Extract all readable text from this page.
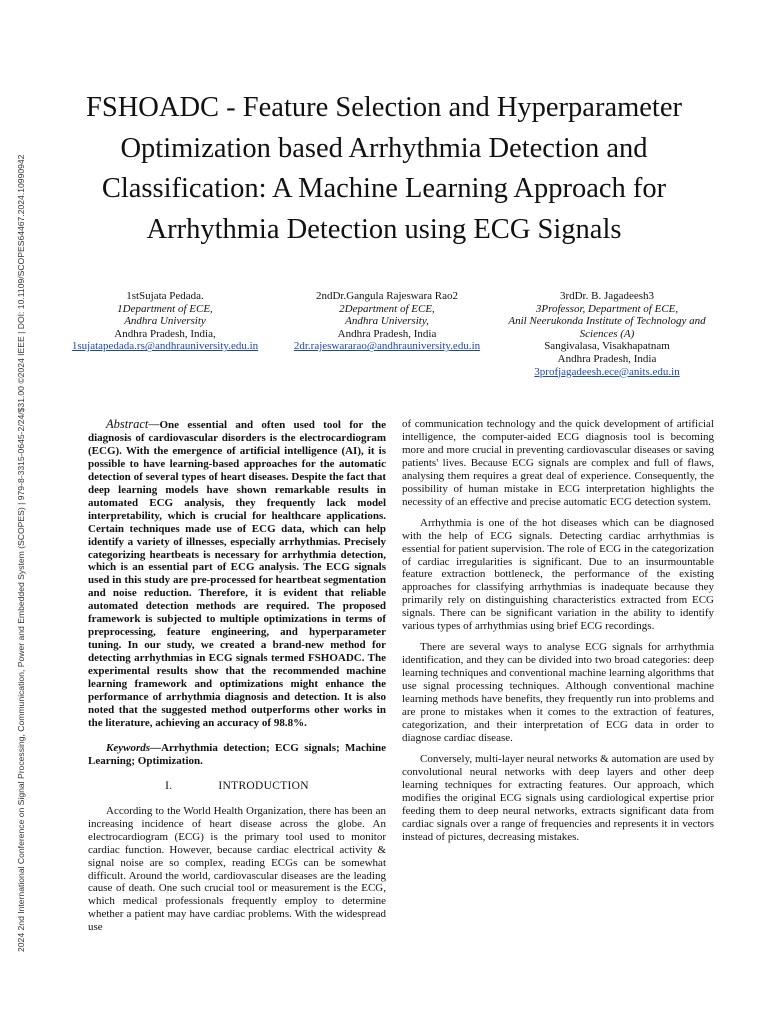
2024 2nd International Conference on Signal Processing, Communication, Power and Embedded System (SCOPES) | 979-8-3315-0645-2/24/$31.00 ©2024 IEEE | DOI: 10.1109/SCOPES64467.2024.10990942
FSHOADC - Feature Selection and Hyperparameter Optimization based Arrhythmia Detection and Classification: A Machine Learning Approach for Arrhythmia Detection using ECG Signals
1stSujata Pedada.
1Department of ECE,
Andhra University
Andhra Pradesh, India,
1sujatapedada.rs@andhrauniversity.edu.in
2ndDr.Gangula Rajeswara Rao2
2Department of ECE,
Andhra University,
Andhra Pradesh, India
2dr.rajeswararao@andhrauniversity.edu.in
3rdDr. B. Jagadeesh3
3Professor, Department of ECE,
Anil Neerukonda Institute of Technology and Sciences (A)
Sangivalasa, Visakhapatnam
Andhra Pradesh, India
3profjagadeesh.ece@anits.edu.in

Abstract—One essential and often used tool for the diagnosis of cardiovascular disorders is the electrocardiogram (ECG). With the emergence of artificial intelligence (AI), it is possible to have learning-based approaches for the automatic detection of several types of heart diseases. Despite the fact that deep learning models have shown remarkable results in automated ECG analysis, they frequently lack model interpretability, which is crucial for healthcare applications. Certain techniques made use of ECG data, which can help identify a variety of illnesses, especially arrhythmias. Precisely categorizing heartbeats is necessary for arrhythmia detection, which is an essential part of ECG analysis. The ECG signals used in this study are pre-processed for heartbeat segmentation and noise reduction. Therefore, it is evident that reliable automated detection methods are required. The proposed framework is subjected to multiple optimizations in terms of preprocessing, feature engineering, and hyperparameter tuning. In our study, we created a brand-new method for detecting arrhythmias in ECG signals termed FSHOADC. The experimental results show that the recommended machine learning framework and optimizations might enhance the performance of arrhythmia diagnosis and detection. It is also noted that the suggested method outperforms other works in the literature, achieving an accuracy of 98.8%.

Keywords—Arrhythmia detection; ECG signals; Machine Learning; Optimization.

I.	INTRODUCTION

According to the World Health Organization, there has been an increasing incidence of heart disease across the globe. An electrocardiogram (ECG) is the primary tool used to monitor cardiac function. However, because cardiac electrical activity & signal noise are so complex, reading ECGs can be somewhat difficult. Around the world, cardiovascular diseases are the leading cause of death. One such crucial tool or measurement is the ECG, which medical professionals frequently employ to determine whether a patient may have cardiac problems. With the widespread use

of communication technology and the quick development of artificial intelligence, the computer-aided ECG diagnosis tool is becoming more and more crucial in preventing cardiovascular diseases or saving patients' lives. Because ECG signals are complex and full of flaws, analysing them requires a great deal of experience. Consequently, the possibility of human mistake in ECG interpretation highlights the necessity of an effective and precise automatic ECG detection system.

Arrhythmia is one of the hot diseases which can be diagnosed with the help of ECG signals. Detecting cardiac arrhythmias is essential for patient supervision. The role of ECG in the categorization of cardiac irregularities is significant. Due to an insurmountable feature extraction bottleneck, the performance of the existing approaches for classifying arrhythmias is inadequate because they primarily rely on distinguishing characteristics extracted from ECG signals. There can be significant variation in the ability to identify various types of arrhythmias using brief ECG recordings.

There are several ways to analyse ECG signals for arrhythmia identification, and they can be divided into two broad categories: deep learning techniques and conventional machine learning algorithms that use signal processing techniques. Although conventional machine learning methods have benefits, they frequently run into problems and are prone to mistakes when it comes to the extraction of features, categorization, and their interpretation of ECG data in order to diagnose cardiac disease.

Conversely, multi-layer neural networks & automation are used by convolutional neural networks with deep layers and other deep learning techniques for extracting features. Our approach, which modifies the original ECG signals using cardiological expertise prior feeding them to deep neural networks, extracts significant data from cardiac signals over a range of frequencies and represents it in vectors instead of pictures, decreasing mistakes.
